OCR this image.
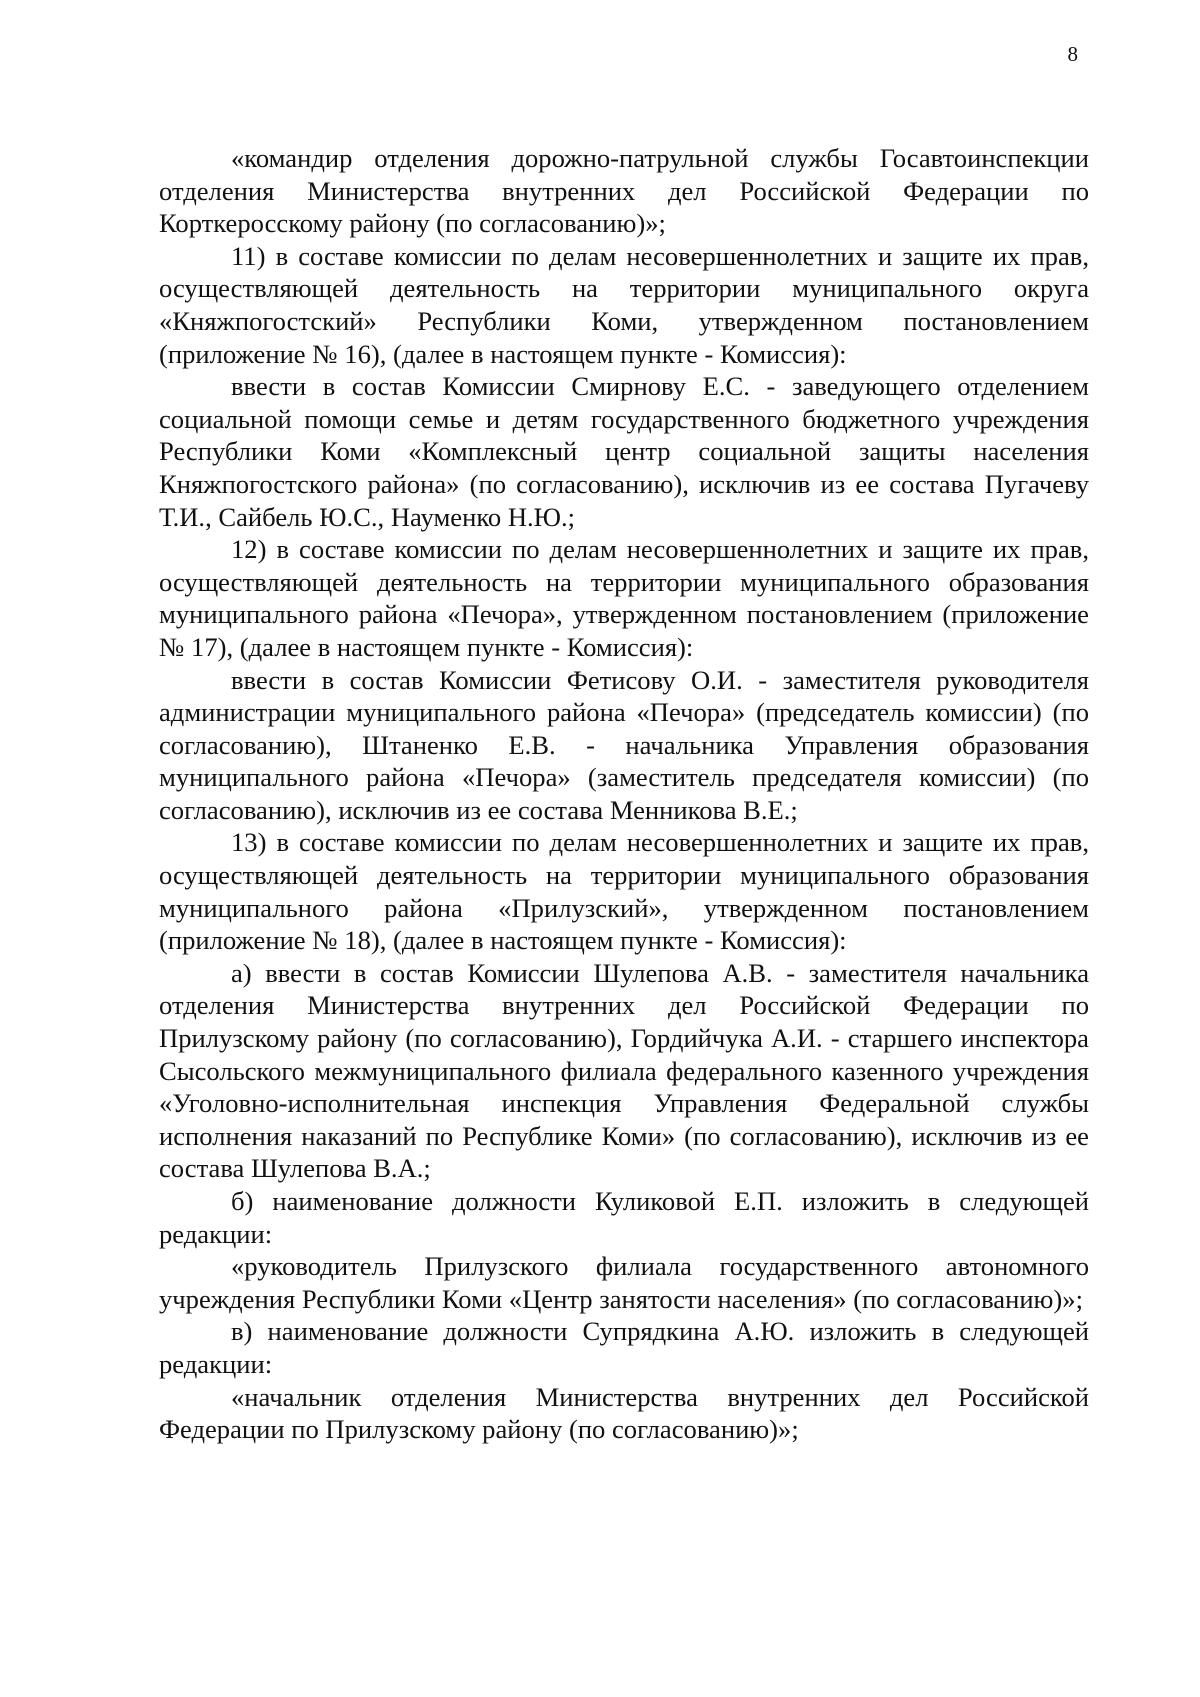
8

«командир отделения дорожно-патрульной службы Госавтоинспекции отделения Министерства внутренних дел Российской Федерации по Корткеросскому району (по согласованию)»;

11) в составе комиссии по делам несовершеннолетних и защите их прав, осуществляющей деятельность на территории муниципального округа «Княжпогостский» Республики Коми, утвержденном постановлением (приложение № 16), (далее в настоящем пункте - Комиссия):

ввести в состав Комиссии Смирнову Е.С. - заведующего отделением социальной помощи семье и детям государственного бюджетного учреждения Республики Коми «Комплексный центр социальной защиты населения Княжпогостского района» (по согласованию), исключив из ее состава Пугачеву Т.И., Сайбель Ю.С., Науменко Н.Ю.;

12) в составе комиссии по делам несовершеннолетних и защите их прав, осуществляющей деятельность на территории муниципального образования муниципального района «Печора», утвержденном постановлением (приложение № 17), (далее в настоящем пункте - Комиссия):

ввести в состав Комиссии Фетисову О.И. - заместителя руководителя администрации муниципального района «Печора» (председатель комиссии) (по согласованию), Штаненко Е.В. - начальника Управления образования муниципального района «Печора» (заместитель председателя комиссии) (по согласованию), исключив из ее состава Менникова В.Е.;

13) в составе комиссии по делам несовершеннолетних и защите их прав, осуществляющей деятельность на территории муниципального образования муниципального района «Прилузский», утвержденном постановлением (приложение № 18), (далее в настоящем пункте - Комиссия):

а) ввести в состав Комиссии Шулепова А.В. - заместителя начальника отделения Министерства внутренних дел Российской Федерации по Прилузскому району (по согласованию), Гордийчука А.И. - старшего инспектора Сысольского межмуниципального филиала федерального казенного учреждения «Уголовно-исполнительная инспекция Управления Федеральной службы исполнения наказаний по Республике Коми» (по согласованию), исключив из ее состава Шулепова В.А.;

б) наименование должности Куликовой Е.П. изложить в следующей редакции:

«руководитель Прилузского филиала государственного автономного учреждения Республики Коми «Центр занятости населения» (по согласованию)»;

в) наименование должности Супрядкина А.Ю. изложить в следующей редакции:

«начальник отделения Министерства внутренних дел Российской Федерации по Прилузскому району (по согласованию)»;
